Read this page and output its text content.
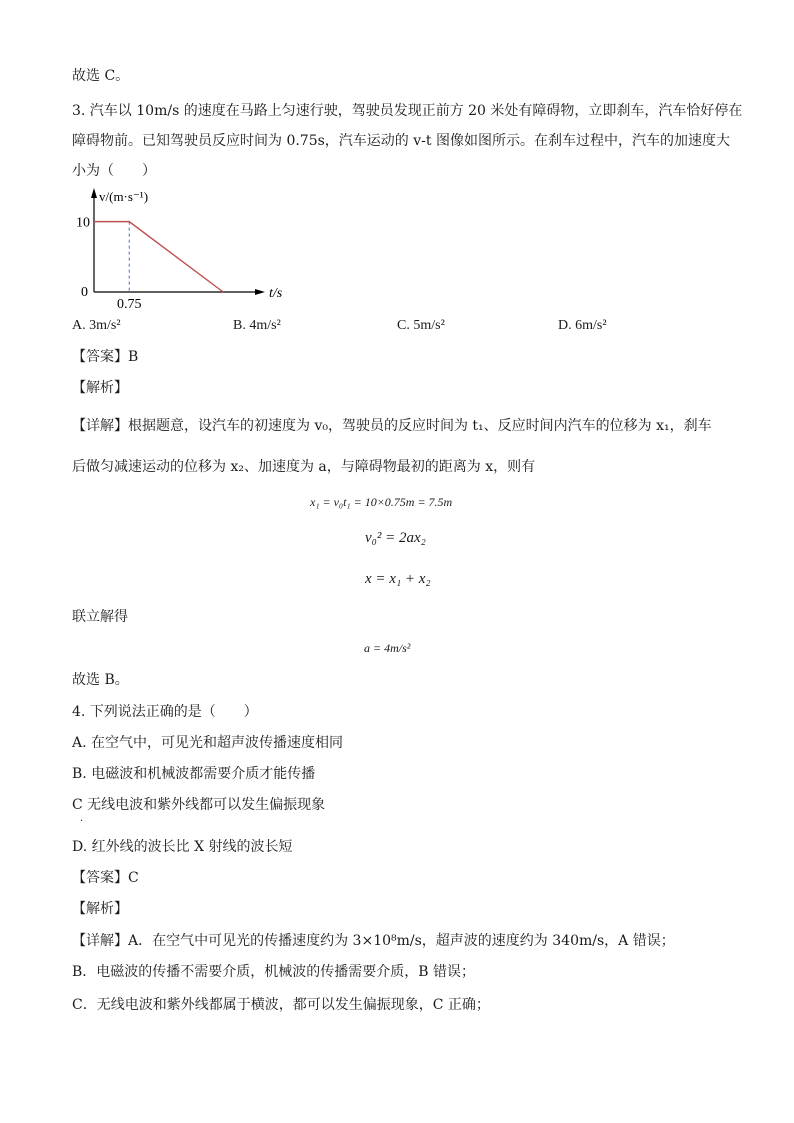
故选 C。
3. 汽车以 10m/s 的速度在马路上匀速行驶，驾驶员发现正前方 20 米处有障碍物，立即刹车，汽车恰好停在
障碍物前。已知驾驶员反应时间为 0.75s，汽车运动的 v-t 图像如图所示。在刹车过程中，汽车的加速度大
小为（　　）
10
0
0.75
t/s
v/(m·s⁻¹)
A. 3m/s²	B. 4m/s²	C. 5m/s²	D. 6m/s²
【答案】B
【解析】
【详解】根据题意，设汽车的初速度为 v₀，驾驶员的反应时间为 t₁、反应时间内汽车的位移为 x₁，刹车
后做匀减速运动的位移为 x₂、加速度为 a，与障碍物最初的距离为 x，则有
x₁ = v₀t₁ = 10×0.75m = 7.5m
v₀² = 2ax₂
x = x₁ + x₂
联立解得
a = 4m/s²
故选 B。
4. 下列说法正确的是（　　）
A. 在空气中，可见光和超声波传播速度相同
B. 电磁波和机械波都需要介质才能传播
C 无线电波和紫外线都可以发生偏振现象
·
D. 红外线的波长比 X 射线的波长短
【答案】C
【解析】
【详解】A．在空气中可见光的传播速度约为 3×10⁸m/s，超声波的速度约为 340m/s，A 错误；
B．电磁波的传播不需要介质，机械波的传播需要介质，B 错误；
C．无线电波和紫外线都属于横波，都可以发生偏振现象，C 正确；
